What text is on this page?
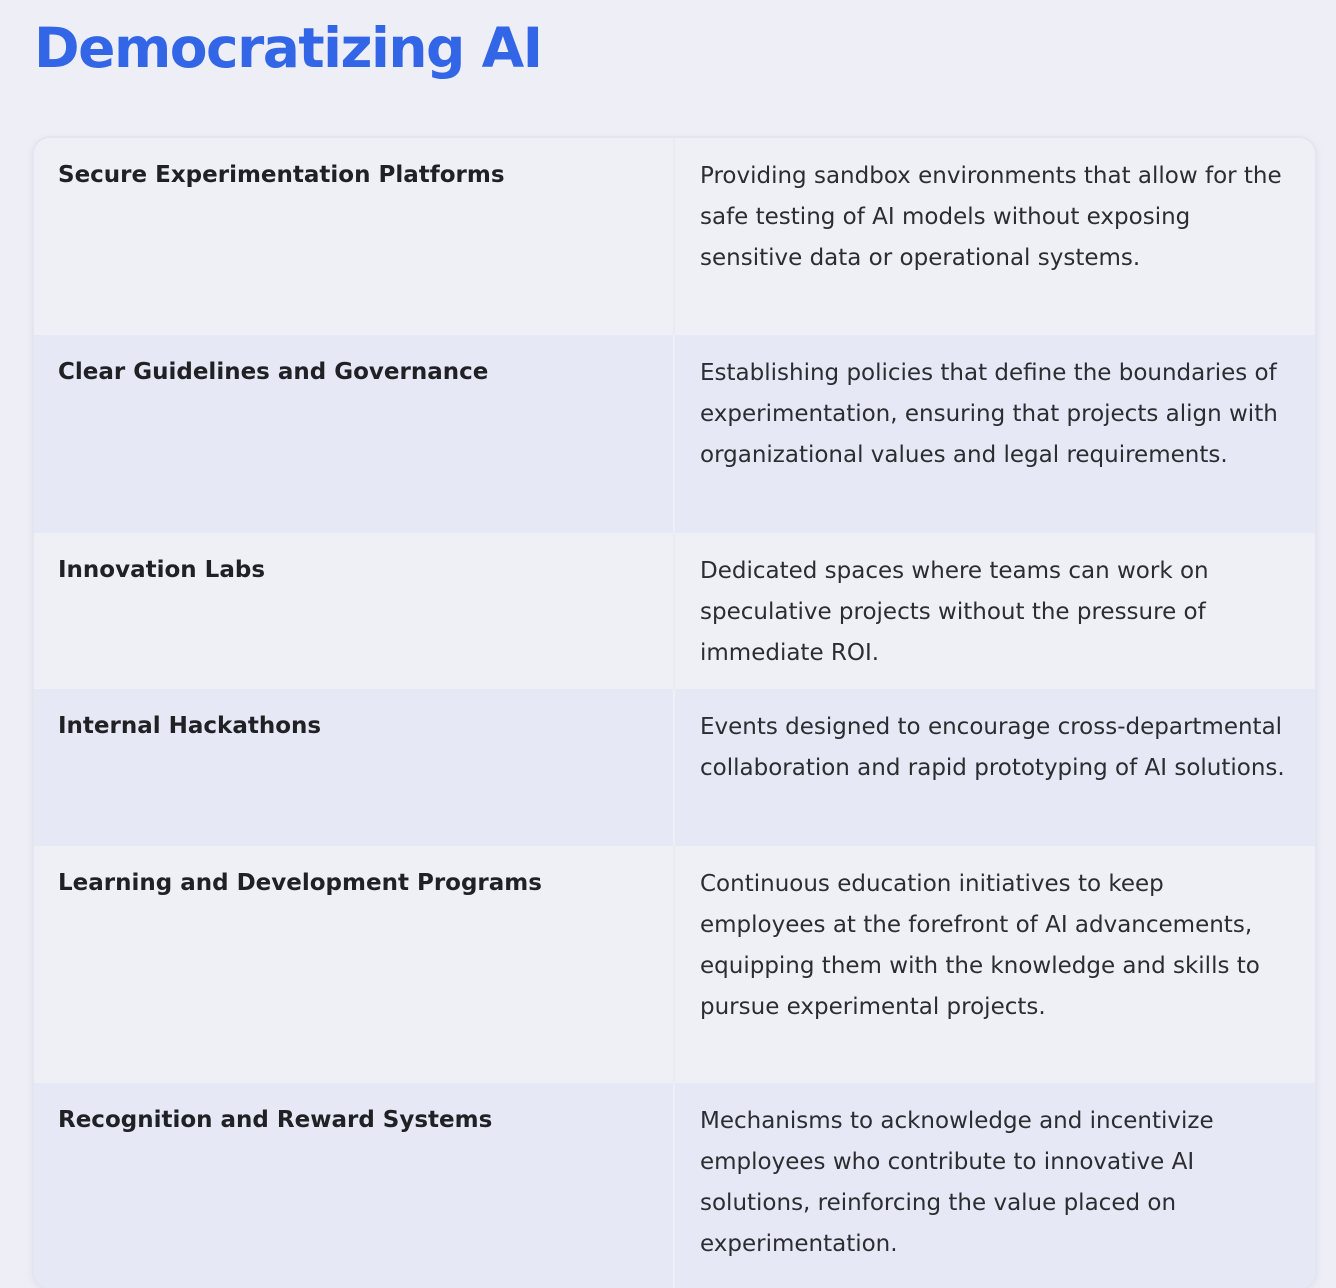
Democratizing AI
Secure Experimentation Platforms	Providing sandbox environments that allow for the safe testing of AI models without exposing sensitive data or operational systems.
Clear Guidelines and Governance	Establishing policies that define the boundaries of experimentation, ensuring that projects align with organizational values and legal requirements.
Innovation Labs	Dedicated spaces where teams can work on speculative projects without the pressure of immediate ROI.
Internal Hackathons	Events designed to encourage cross-departmental collaboration and rapid prototyping of AI solutions.
Learning and Development Programs	Continuous education initiatives to keep employees at the forefront of AI advancements, equipping them with the knowledge and skills to pursue experimental projects.
Recognition and Reward Systems	Mechanisms to acknowledge and incentivize employees who contribute to innovative AI solutions, reinforcing the value placed on experimentation.
